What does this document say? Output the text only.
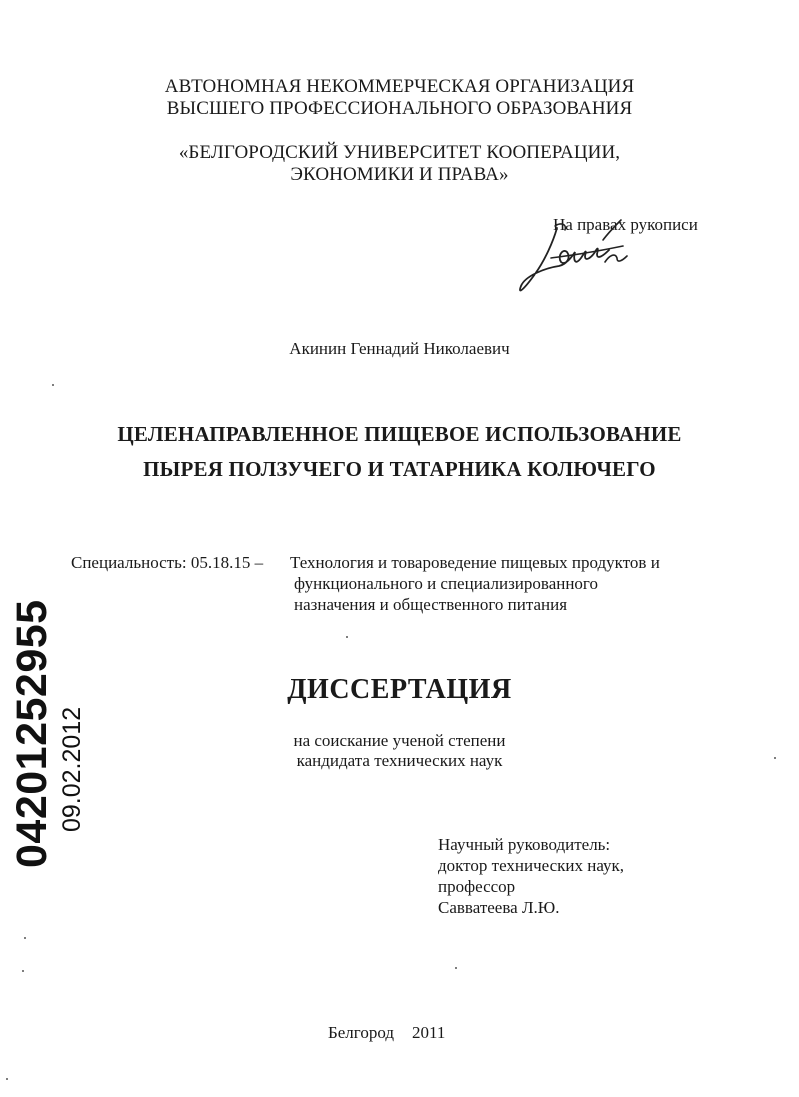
АВТОНОМНАЯ НЕКОММЕРЧЕСКАЯ ОРГАНИЗАЦИЯ
ВЫСШЕГО ПРОФЕССИОНАЛЬНОГО ОБРАЗОВАНИЯ
«БЕЛГОРОДСКИЙ УНИВЕРСИТЕТ КООПЕРАЦИИ,
ЭКОНОМИКИ И ПРАВА»
На правах рукописи
Акинин Геннадий Николаевич
ЦЕЛЕНАПРАВЛЕННОЕ ПИЩЕВОЕ ИСПОЛЬЗОВАНИЕ
ПЫРЕЯ ПОЛЗУЧЕГО И ТАТАРНИКА КОЛЮЧЕГО
Специальность: 05.18.15 – Технология и товароведение пищевых продуктов и
функционального и специализированного
назначения и общественного питания
ДИССЕРТАЦИЯ
на соискание ученой степени
кандидата технических наук
Научный руководитель:
доктор технических наук,
профессор
Савватеева Л.Ю.
Белгород 2011
04201252955 09.02.2012
